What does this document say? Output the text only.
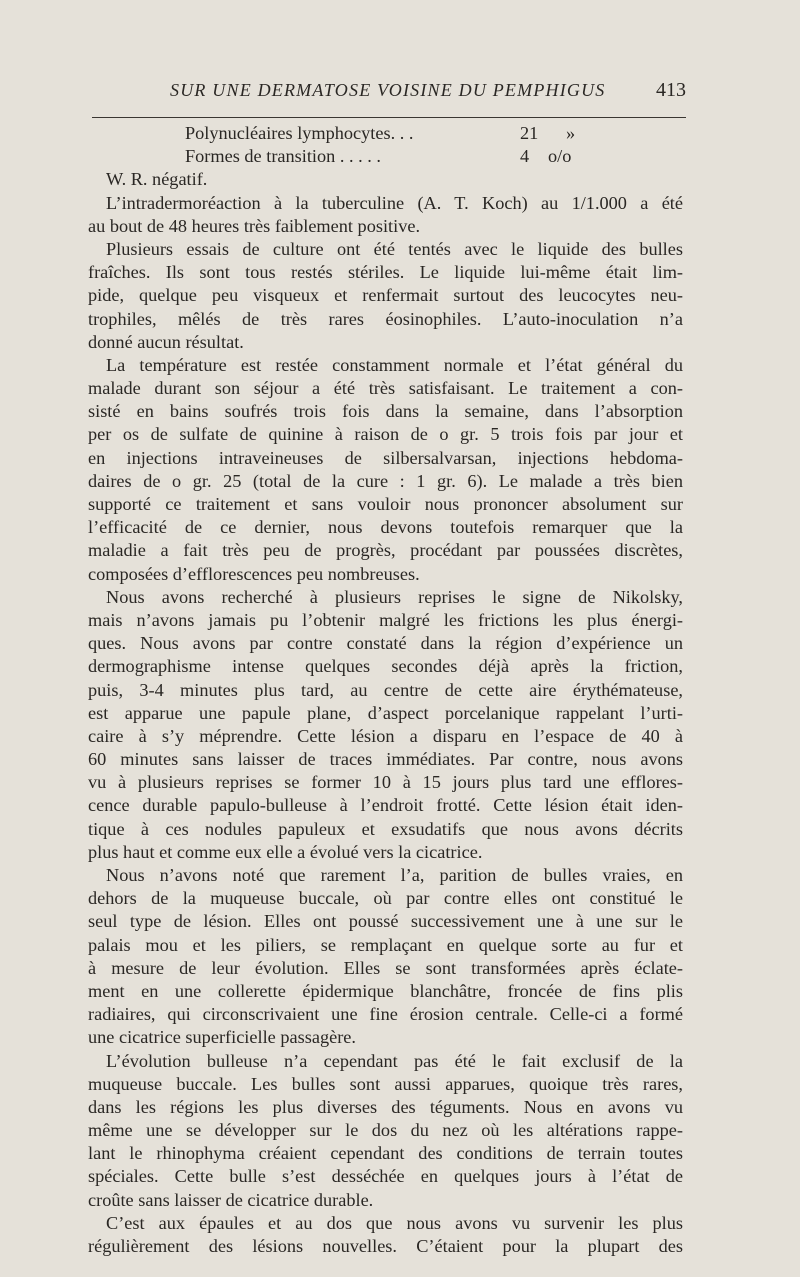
SUR UNE DERMATOSE VOISINE DU PEMPHIGUS	413
Polynucléaires lymphocytes. . .	21 »
Formes de transition . . . . .	4 o/o
W. R. négatif.
L’intradermoréaction à la tuberculine (A. T. Koch) au 1/1.000 a été
au bout de 48 heures très faiblement positive.
Plusieurs essais de culture ont été tentés avec le liquide des bulles
fraîches. Ils sont tous restés stériles. Le liquide lui-même était lim-
pide, quelque peu visqueux et renfermait surtout des leucocytes neu-
trophiles, mêlés de très rares éosinophiles. L’auto-inoculation n’a
donné aucun résultat.
La température est restée constamment normale et l’état général du
malade durant son séjour a été très satisfaisant. Le traitement a con-
sisté en bains soufrés trois fois dans la semaine, dans l’absorption
per os de sulfate de quinine à raison de o gr. 5 trois fois par jour et
en injections intraveineuses de silbersalvarsan, injections hebdoma-
daires de o gr. 25 (total de la cure : 1 gr. 6). Le malade a très bien
supporté ce traitement et sans vouloir nous prononcer absolument sur
l’efficacité de ce dernier, nous devons toutefois remarquer que la
maladie a fait très peu de progrès, procédant par poussées discrètes,
composées d’efflorescences peu nombreuses.
Nous avons recherché à plusieurs reprises le signe de Nikolsky,
mais n’avons jamais pu l’obtenir malgré les frictions les plus énergi-
ques. Nous avons par contre constaté dans la région d’expérience un
dermographisme intense quelques secondes déjà après la friction,
puis, 3-4 minutes plus tard, au centre de cette aire érythémateuse,
est apparue une papule plane, d’aspect porcelanique rappelant l’urti-
caire à s’y méprendre. Cette lésion a disparu en l’espace de 40 à
60 minutes sans laisser de traces immédiates. Par contre, nous avons
vu à plusieurs reprises se former 10 à 15 jours plus tard une efflores-
cence durable papulo-bulleuse à l’endroit frotté. Cette lésion était iden-
tique à ces nodules papuleux et exsudatifs que nous avons décrits
plus haut et comme eux elle a évolué vers la cicatrice.
Nous n’avons noté que rarement l’a, parition de bulles vraies, en
dehors de la muqueuse buccale, où par contre elles ont constitué le
seul type de lésion. Elles ont poussé successivement une à une sur le
palais mou et les piliers, se remplaçant en quelque sorte au fur et
à mesure de leur évolution. Elles se sont transformées après éclate-
ment en une collerette épidermique blanchâtre, froncée de fins plis
radiaires, qui circonscrivaient une fine érosion centrale. Celle-ci a formé
une cicatrice superficielle passagère.
L’évolution bulleuse n’a cependant pas été le fait exclusif de la
muqueuse buccale. Les bulles sont aussi apparues, quoique très rares,
dans les régions les plus diverses des téguments. Nous en avons vu
même une se développer sur le dos du nez où les altérations rappe-
lant le rhinophyma créaient cependant des conditions de terrain toutes
spéciales. Cette bulle s’est desséchée en quelques jours à l’état de
croûte sans laisser de cicatrice durable.
C’est aux épaules et au dos que nous avons vu survenir les plus
régulièrement des lésions nouvelles. C’étaient pour la plupart des
